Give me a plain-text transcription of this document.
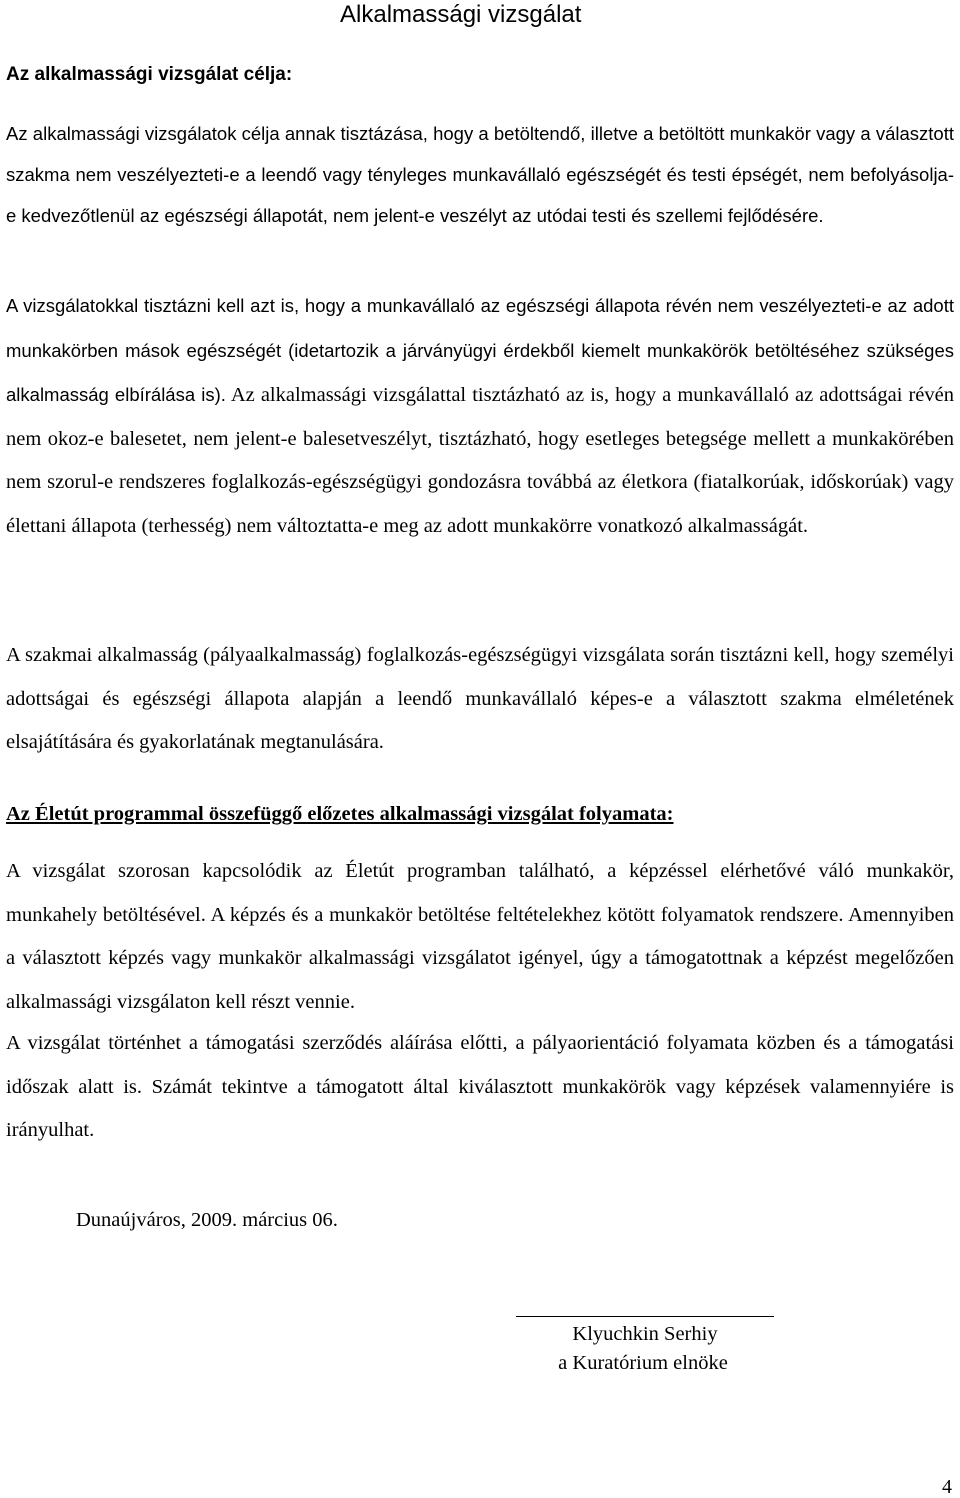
Alkalmassági vizsgálat
Az alkalmassági vizsgálat célja:
Az alkalmassági vizsgálatok célja annak tisztázása, hogy a betöltendő, illetve a betöltött munkakör vagy a választott szakma nem veszélyezteti-e a leendő vagy tényleges munkavállaló egészségét és testi épségét, nem befolyásolja-e kedvezőtlenül az egészségi állapotát, nem jelent-e veszélyt az utódai testi és szellemi fejlődésére.
A vizsgálatokkal tisztázni kell azt is, hogy a munkavállaló az egészségi állapota révén nem veszélyezteti-e az adott munkakörben mások egészségét (idetartozik a járványügyi érdekből kiemelt munkakörök betöltéséhez szükséges alkalmasság elbírálása is). Az alkalmassági vizsgálattal tisztázható az is, hogy a munkavállaló az adottságai révén nem okoz-e balesetet, nem jelent-e balesetveszélyt, tisztázható, hogy esetleges betegsége mellett a munkakörében nem szorul-e rendszeres foglalkozás-egészségügyi gondozásra továbbá az életkora (fiatalkorúak, időskorúak) vagy élettani állapota (terhesség) nem változtatta-e meg az adott munkakörre vonatkozó alkalmasságát.
A szakmai alkalmasság (pályaalkalmasság) foglalkozás-egészségügyi vizsgálata során tisztázni kell, hogy személyi adottságai és egészségi állapota alapján a leendő munkavállaló képes-e a választott szakma elméletének elsajátítására és gyakorlatának megtanulására.
Az Életút programmal összefüggő előzetes alkalmassági vizsgálat folyamata:
A vizsgálat szorosan kapcsolódik az Életút programban található, a képzéssel elérhetővé váló munkakör, munkahely betöltésével. A képzés és a munkakör betöltése feltételekhez kötött folyamatok rendszere. Amennyiben a választott képzés vagy munkakör alkalmassági vizsgálatot igényel, úgy a támogatottnak a képzést megelőzően alkalmassági vizsgálaton kell részt vennie.
A vizsgálat történhet a támogatási szerződés aláírása előtti, a pályaorientáció folyamata közben és a támogatási időszak alatt is. Számát tekintve a támogatott által kiválasztott munkakörök vagy képzések valamennyiére is irányulhat.
Dunaújváros, 2009. március 06.
Klyuchkin Serhiy
a Kuratórium elnöke
4
